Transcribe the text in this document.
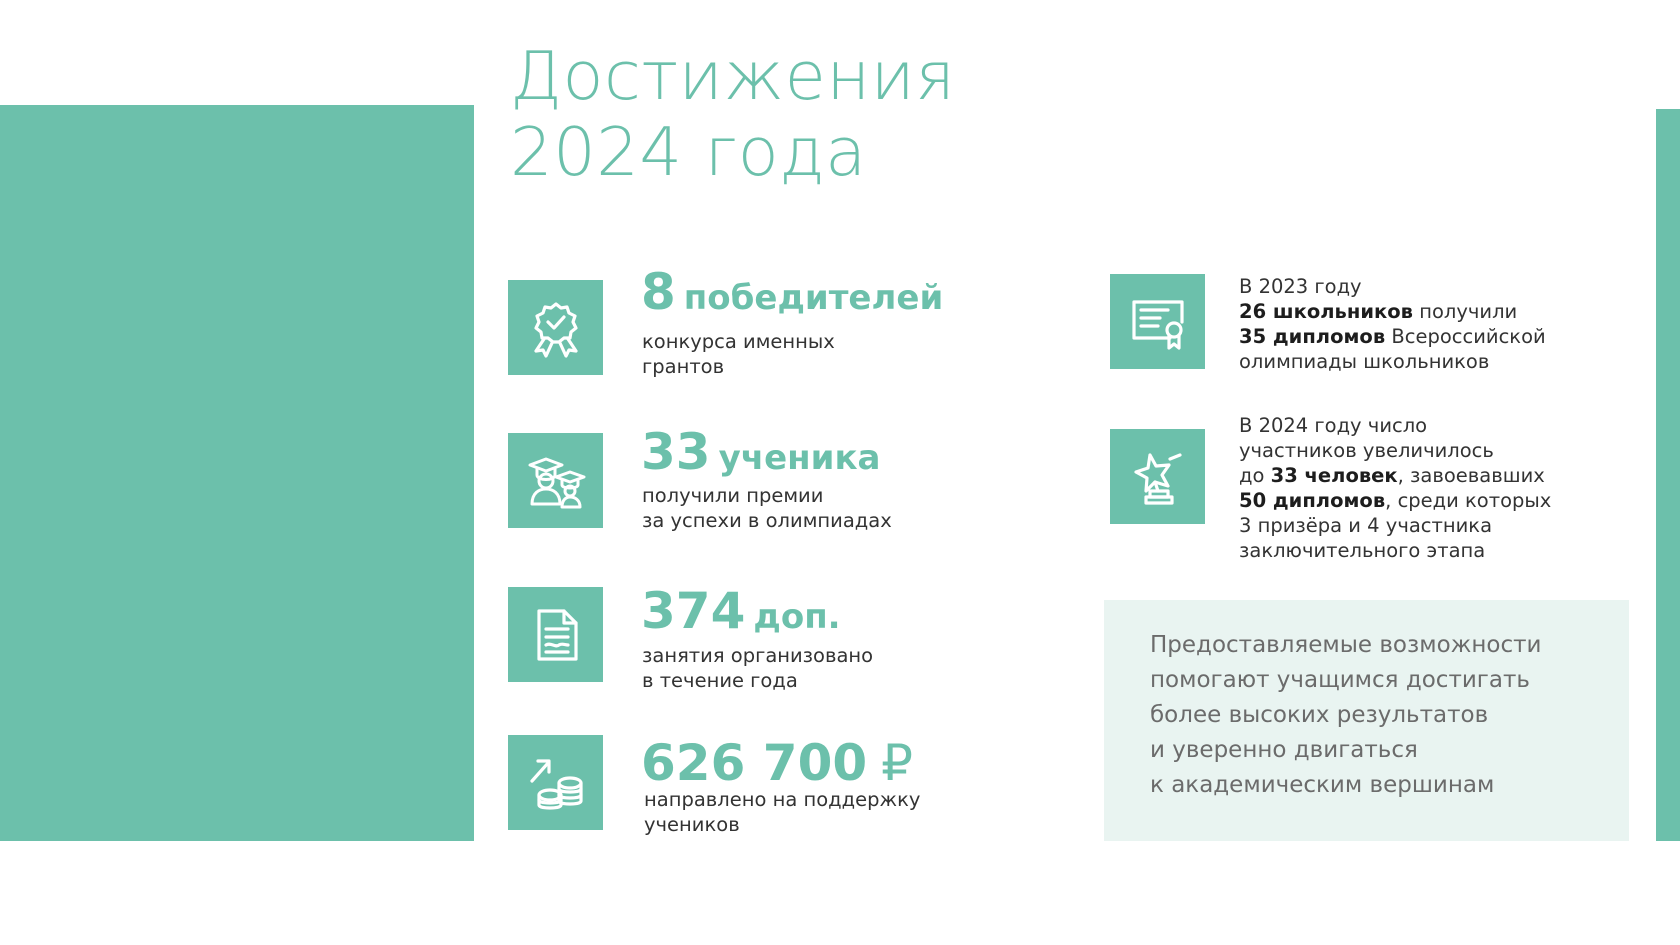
Достижения
2024 года
8 победителей
конкурса именных
грантов
33 ученика
получили премии
за успехи в олимпиадах
374 доп.
занятия организовано
в течение года
626 700 ₽
направлено на поддержку
учеников
В 2023 году
26 школьников получили
35 дипломов Всероссийской
олимпиады школьников
В 2024 году число
участников увеличилось
до 33 человек, завоевавших
50 дипломов, среди которых
3 призёра и 4 участника
заключительного этапа
Предоставляемые возможности
помогают учащимся достигать
более высоких результатов
и уверенно двигаться
к академическим вершинам
